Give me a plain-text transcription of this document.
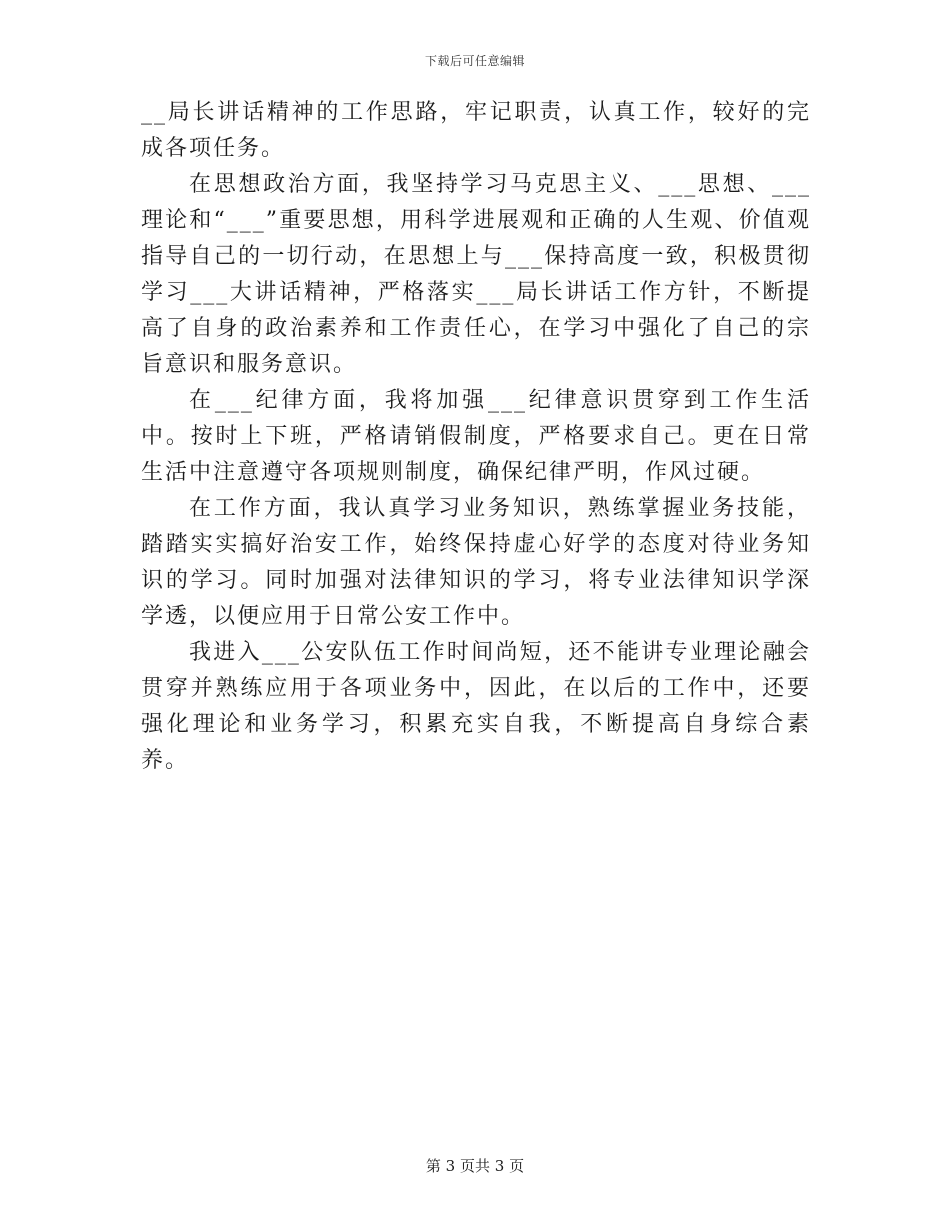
下载后可任意编辑

__局长讲话精神的工作思路，牢记职责，认真工作，较好的完成各项任务。

在思想政治方面，我坚持学习马克思主义、___思想、___理论和“___”重要思想，用科学进展观和正确的人生观、价值观指导自己的一切行动，在思想上与___保持高度一致，积极贯彻学习___大讲话精神，严格落实___局长讲话工作方针，不断提高了自身的政治素养和工作责任心，在学习中强化了自己的宗旨意识和服务意识。

在___纪律方面，我将加强___纪律意识贯穿到工作生活中。按时上下班，严格请销假制度，严格要求自己。更在日常生活中注意遵守各项规则制度，确保纪律严明，作风过硬。

在工作方面，我认真学习业务知识，熟练掌握业务技能，踏踏实实搞好治安工作，始终保持虚心好学的态度对待业务知识的学习。同时加强对法律知识的学习，将专业法律知识学深学透，以便应用于日常公安工作中。

我进入___公安队伍工作时间尚短，还不能讲专业理论融会贯穿并熟练应用于各项业务中，因此，在以后的工作中，还要强化理论和业务学习，积累充实自我，不断提高自身综合素养。

第 3 页共 3 页
